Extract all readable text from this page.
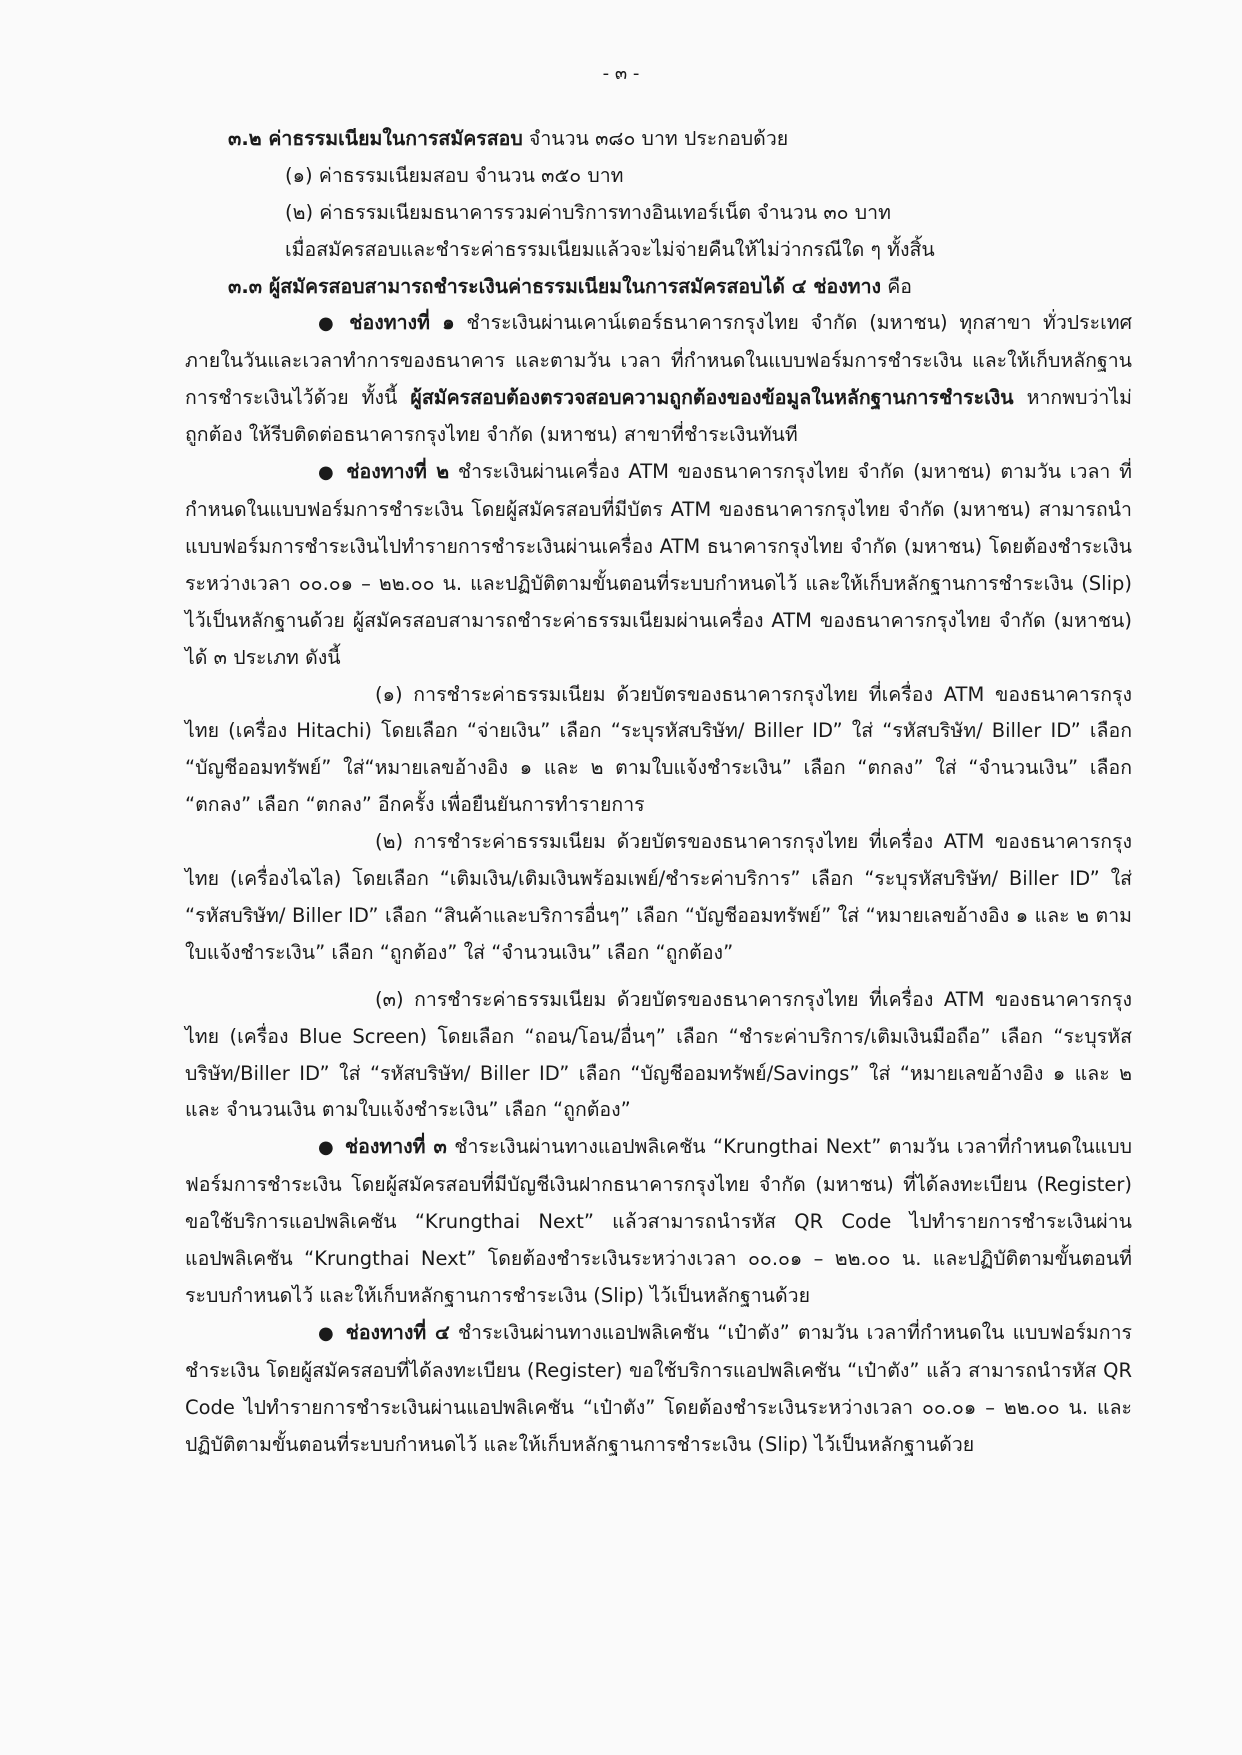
- ๓ -

๓.๒ ค่าธรรมเนียมในการสมัครสอบ จำนวน ๓๘๐ บาท ประกอบด้วย

(๑) ค่าธรรมเนียมสอบ จำนวน ๓๕๐ บาท

(๒) ค่าธรรมเนียมธนาคารรวมค่าบริการทางอินเทอร์เน็ต จำนวน ๓๐ บาท

เมื่อสมัครสอบและชำระค่าธรรมเนียมแล้วจะไม่จ่ายคืนให้ไม่ว่ากรณีใด ๆ ทั้งสิ้น

๓.๓ ผู้สมัครสอบสามารถชำระเงินค่าธรรมเนียมในการสมัครสอบได้ ๔ ช่องทาง คือ

● ช่องทางที่ ๑ ชำระเงินผ่านเคาน์เตอร์ธนาคารกรุงไทย จำกัด (มหาชน) ทุกสาขา ทั่วประเทศ ภายในวันและเวลาทำการของธนาคาร และตามวัน เวลา ที่กำหนดในแบบฟอร์มการชำระเงิน และให้เก็บหลักฐานการชำระเงินไว้ด้วย ทั้งนี้ ผู้สมัครสอบต้องตรวจสอบความถูกต้องของข้อมูลในหลักฐานการชำระเงิน หากพบว่าไม่ถูกต้อง ให้รีบติดต่อธนาคารกรุงไทย จำกัด (มหาชน) สาขาที่ชำระเงินทันที

● ช่องทางที่ ๒ ชำระเงินผ่านเครื่อง ATM ของธนาคารกรุงไทย จำกัด (มหาชน) ตามวัน เวลา ที่กำหนดในแบบฟอร์มการชำระเงิน โดยผู้สมัครสอบที่มีบัตร ATM ของธนาคารกรุงไทย จำกัด (มหาชน) สามารถนำแบบฟอร์มการชำระเงินไปทำรายการชำระเงินผ่านเครื่อง ATM ธนาคารกรุงไทย จำกัด (มหาชน) โดยต้องชำระเงินระหว่างเวลา ๐๐.๐๑ – ๒๒.๐๐ น. และปฏิบัติตามขั้นตอนที่ระบบกำหนดไว้ และให้เก็บหลักฐานการชำระเงิน (Slip) ไว้เป็นหลักฐานด้วย ผู้สมัครสอบสามารถชำระค่าธรรมเนียมผ่านเครื่อง ATM ของธนาคารกรุงไทย จำกัด (มหาชน) ได้ ๓ ประเภท ดังนี้

(๑) การชำระค่าธรรมเนียม ด้วยบัตรของธนาคารกรุงไทย ที่เครื่อง ATM ของธนาคารกรุงไทย (เครื่อง Hitachi) โดยเลือก “จ่ายเงิน” เลือก “ระบุรหัสบริษัท/ Biller ID” ใส่ “รหัสบริษัท/ Biller ID” เลือก “บัญชีออมทรัพย์” ใส่“หมายเลขอ้างอิง ๑ และ ๒ ตามใบแจ้งชำระเงิน” เลือก “ตกลง” ใส่ “จำนวนเงิน” เลือก “ตกลง” เลือก “ตกลง” อีกครั้ง เพื่อยืนยันการทำรายการ

(๒) การชำระค่าธรรมเนียม ด้วยบัตรของธนาคารกรุงไทย ที่เครื่อง ATM ของธนาคารกรุงไทย (เครื่องไฉไล) โดยเลือก “เติมเงิน/เติมเงินพร้อมเพย์/ชำระค่าบริการ” เลือก “ระบุรหัสบริษัท/ Biller ID” ใส่ “รหัสบริษัท/ Biller ID” เลือก “สินค้าและบริการอื่นๆ” เลือก “บัญชีออมทรัพย์” ใส่ “หมายเลขอ้างอิง ๑ และ ๒ ตามใบแจ้งชำระเงิน” เลือก “ถูกต้อง” ใส่ “จำนวนเงิน” เลือก “ถูกต้อง”

(๓) การชำระค่าธรรมเนียม ด้วยบัตรของธนาคารกรุงไทย ที่เครื่อง ATM ของธนาคารกรุงไทย (เครื่อง Blue Screen) โดยเลือก “ถอน/โอน/อื่นๆ” เลือก “ชำระค่าบริการ/เติมเงินมือถือ” เลือก “ระบุรหัสบริษัท/Biller ID” ใส่ “รหัสบริษัท/ Biller ID” เลือก “บัญชีออมทรัพย์/Savings” ใส่ “หมายเลขอ้างอิง ๑ และ ๒ และ จำนวนเงิน ตามใบแจ้งชำระเงิน” เลือก “ถูกต้อง”

● ช่องทางที่ ๓ ชำระเงินผ่านทางแอปพลิเคชัน “Krungthai Next” ตามวัน เวลาที่กำหนดในแบบฟอร์มการชำระเงิน โดยผู้สมัครสอบที่มีบัญชีเงินฝากธนาคารกรุงไทย จำกัด (มหาชน) ที่ได้ลงทะเบียน (Register) ขอใช้บริการแอปพลิเคชัน “Krungthai Next” แล้วสามารถนำรหัส QR Code ไปทำรายการชำระเงินผ่านแอปพลิเคชัน “Krungthai Next” โดยต้องชำระเงินระหว่างเวลา ๐๐.๐๑ – ๒๒.๐๐ น. และปฏิบัติตามขั้นตอนที่ระบบกำหนดไว้ และให้เก็บหลักฐานการชำระเงิน (Slip) ไว้เป็นหลักฐานด้วย

● ช่องทางที่ ๔ ชำระเงินผ่านทางแอปพลิเคชัน “เป๋าตัง” ตามวัน เวลาที่กำหนดใน แบบฟอร์มการชำระเงิน โดยผู้สมัครสอบที่ได้ลงทะเบียน (Register) ขอใช้บริการแอปพลิเคชัน “เป๋าตัง” แล้ว สามารถนำรหัส QR Code ไปทำรายการชำระเงินผ่านแอปพลิเคชัน “เป๋าตัง” โดยต้องชำระเงินระหว่างเวลา ๐๐.๐๑ – ๒๒.๐๐ น. และปฏิบัติตามขั้นตอนที่ระบบกำหนดไว้ และให้เก็บหลักฐานการชำระเงิน (Slip) ไว้เป็นหลักฐานด้วย
